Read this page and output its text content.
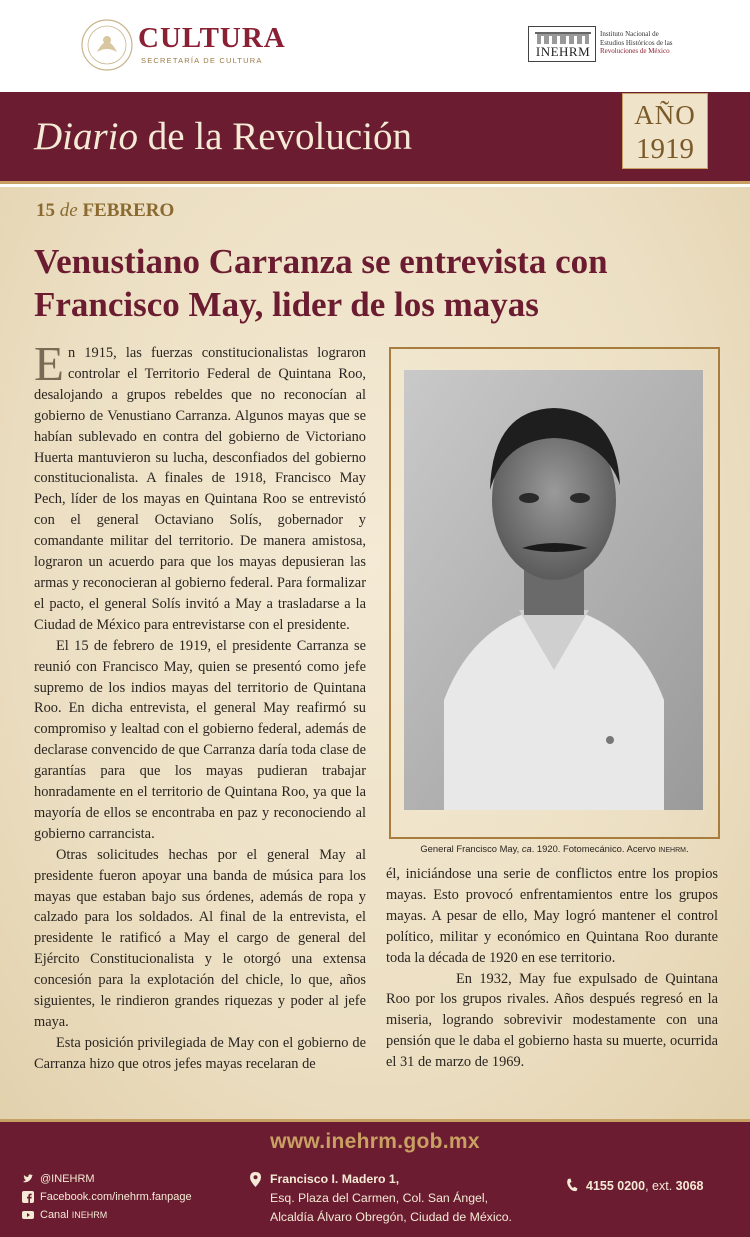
CULTURA
SECRETARÍA DE CULTURA
INEHRM
Instituto Nacional de
Estudios Históricos de las
Revoluciones de México
Diario de la Revolución	AÑO
1919
15 de FEBRERO
Venustiano Carranza se entrevista con Francisco May, lider de los mayas

En 1915, las fuerzas constitucionalistas lograron controlar el Territorio Federal de Quintana Roo, desalojando a grupos rebeldes que no reconocían al gobierno de Venustiano Carranza. Algunos mayas que se habían sublevado en contra del gobierno de Victoriano Huerta mantuvieron su lucha, desconfiados del gobierno constitucionalista. A finales de 1918, Francisco May Pech, líder de los mayas en Quintana Roo se entrevistó con el general Octaviano Solís, gobernador y comandante militar del territorio. De manera amistosa, lograron un acuerdo para que los mayas depusieran las armas y reconocieran al gobierno federal. Para formalizar el pacto, el general Solís invitó a May a trasladarse a la Ciudad de México para entrevistarse con el presidente.

El 15 de febrero de 1919, el presidente Carranza se reunió con Francisco May, quien se presentó como jefe supremo de los indios mayas del territorio de Quintana Roo. En dicha entrevista, el general May reafirmó su compromiso y lealtad con el gobierno federal, además de declarase convencido de que Carranza daría toda clase de garantías para que los mayas pudieran trabajar honradamente en el territorio de Quintana Roo, ya que la mayoría de ellos se encontraba en paz y reconociendo al gobierno carrancista.

Otras solicitudes hechas por el general May al presidente fueron apoyar una banda de música para los mayas que estaban bajo sus órdenes, además de ropa y calzado para los soldados. Al final de la entrevista, el presidente le ratificó a May el cargo de general del Ejército Constitucionalista y le otorgó una extensa concesión para la explotación del chicle, lo que, años siguientes, le rindieron grandes riquezas y poder al jefe maya.

Esta posición privilegiada de May con el gobierno de Carranza hizo que otros jefes mayas recelaran de

General Francisco May, ca. 1920. Fotomecánico. Acervo INEHRM.

él, iniciándose una serie de conflictos entre los propios mayas. Esto provocó enfrentamientos entre los grupos mayas. A pesar de ello, May logró mantener el control político, militar y económico en Quintana Roo durante toda la década de 1920 en ese territorio.

En 1932, May fue expulsado de Quintana Roo por los grupos rivales. Años después regresó en la miseria, logrando sobrevivir modestamente con una pensión que le daba el gobierno hasta su muerte, ocurrida el 31 de marzo de 1969.

www.inehrm.gob.mx
@INEHRM
Facebook.com/inehrm.fanpage
Canal INEHRM
Francisco I. Madero 1,
Esq. Plaza del Carmen, Col. San Ángel,
Alcaldía Álvaro Obregón, Ciudad de México.
4155 0200, ext. 3068
